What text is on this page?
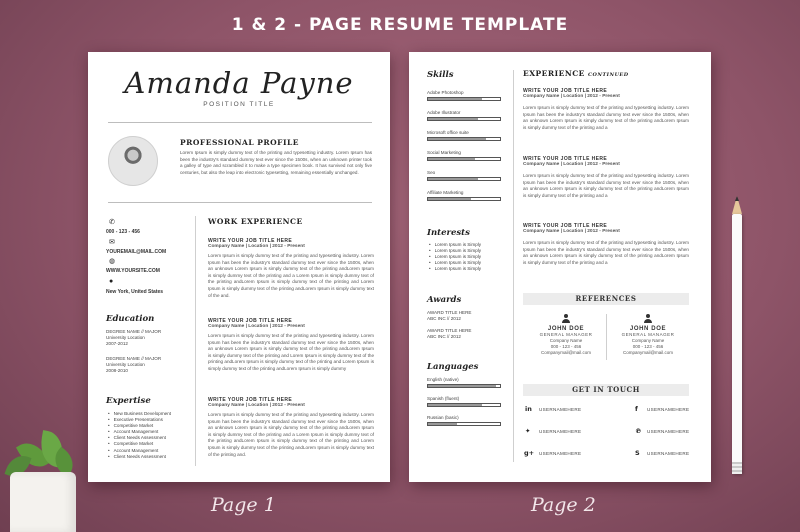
1 & 2 - PAGE RESUME TEMPLATE
Amanda Payne
POSITION TITLE
PROFESSIONAL PROFILE
Lorem Ipsum is simply dummy text of the printing and typesetting industry. Lorem Ipsum has been the industry's standard dummy text ever since the 1500s, when an unknown printer took a galley of type and scrambled it to make a type specimen book. It has survived not only five centuries, but also the leap into electronic typesetting, remaining essentially unchanged.
✆
000 - 123 - 456
✉
YOUREMAIL@MAIL.COM
◍
WWW.YOURSITE.COM
●
New York, United States
Education
DEGREE NAME // MAJOR
University Location
2007-2012
DEGREE NAME // MAJOR
University Location
2008-2010
Expertise
• New Business Development
• Executive Presentations
• Competitive Market
• Account Management
• Client Needs Assessment
• Competitive Market
• Account Management
• Client Needs Assessment
WORK EXPERIENCE
WRITE YOUR JOB TITLE HERE
Company Name | Location | 2012 - Present
Lorem Ipsum is simply dummy text of the printing and typesetting industry. Lorem Ipsum has been the industry's standard dummy text ever since the 1500s, when an unknown Lorem Ipsum is simply dummy text of the printing andLorem Ipsum is simply dummy text of the printing and a Lorem Ipsum is simply dummy text of the printing andLorem Ipsum is simply dummy text of the printing and Lorem Ipsum is simply dummy text of the printing andLorem Ipsum is simply dummy text of the and.
WRITE YOUR JOB TITLE HERE
Company Name | Location | 2012 - Present
Lorem Ipsum is simply dummy text of the printing and typesetting industry. Lorem Ipsum has been the industry's standard dummy text ever since the 1500s, when an unknown Lorem Ipsum is simply dummy text of the printing andLorem Ipsum is simply dummy text of the printing and Lorem Ipsum is simply dummy text of the printing andLorem Ipsum is simply dummy text of the printing and Lorem Ipsum is simply dummy text of the printing andLorem Ipsum is simply dummy
WRITE YOUR JOB TITLE HERE
Company Name | Location | 2012 - Present
Lorem Ipsum is simply dummy text of the printing and typesetting industry. Lorem Ipsum has been the industry's standard dummy text ever since the 1500s, when an unknown Lorem Ipsum is simply dummy text of the printing andLorem Ipsum is simply dummy text of the printing and a Lorem Ipsum is simply dummy text of the printing andLorem Ipsum is simply dummy text of the printing and Lorem Ipsum is simply dummy text of the printing andLorem Ipsum is simply dummy text of the printing and.
Skills
Adobe Photoshop
Adobe Illustrator
Microsoft office suite
Social Marketing
Seo
Affiliate Marketing
Interests
• Lorem Ipsum is Simply
• Lorem Ipsum is Simply
• Lorem Ipsum is Simply
• Lorem Ipsum is Simply
• Lorem Ipsum is Simply
Awards
AWARD TITLE HERE
ABC INC // 2012
AWARD TITLE HERE
ABC INC // 2012
Languages
English (native)
Spanish (fluent)
Russian (basic)
EXPERIENCE CONTINUED
WRITE YOUR JOB TITLE HERE
Company Name | Location | 2012 - Present
Lorem Ipsum is simply dummy text of the printing and typesetting industry. Lorem Ipsum has been the industry's standard dummy text ever since the 1500s, when an unknown Lorem Ipsum is simply dummy text of the printing andLorem Ipsum is simply dummy text of the printing and a
WRITE YOUR JOB TITLE HERE
Company Name | Location | 2012 - Present
Lorem Ipsum is simply dummy text of the printing and typesetting industry. Lorem Ipsum has been the industry's standard dummy text ever since the 1500s, when an unknown Lorem Ipsum is simply dummy text of the printing andLorem Ipsum is simply dummy text of the printing and a
WRITE YOUR JOB TITLE HERE
Company Name | Location | 2012 - Present
Lorem Ipsum is simply dummy text of the printing and typesetting industry. Lorem Ipsum has been the industry's standard dummy text ever since the 1500s, when an unknown Lorem Ipsum is simply dummy text of the printing andLorem Ipsum is simply dummy text of the printing and a
REFERENCES
JOHN DOE
GENERAL MANAGER
Company Name
000 - 123 - 456
Companymail@mail.com
JOHN DOE
GENERAL MANAGER
Company Name
000 - 123 - 456
Companymail@mail.com
GET IN TOUCH
in USERNAMEHERE	f USERNAMEHERE
✦ USERNAMEHERE	℗ USERNAMEHERE
g+ USERNAMEHERE	S USERNAMEHERE
Page 1	Page 2
